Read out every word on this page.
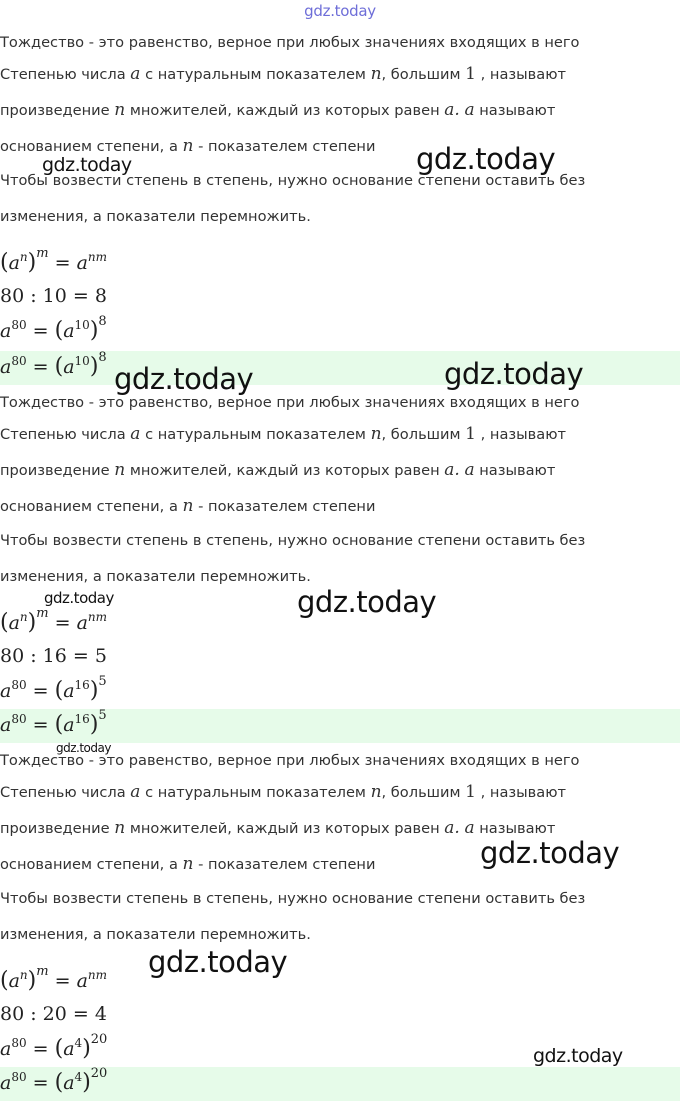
gdz.today
Тождество - это равенство, верное при любых значениях входящих в него
Степенью числа a с натуральным показателем n, большим 1 , называют
произведение n множителей, каждый из которых равен a. a называют
основанием степени, а n - показателем степени
Чтобы возвести степень в степень, нужно основание степени оставить без
изменения, а показатели перемножить.
$(a^n)^m = a^{nm}$
80 : 10 = 8
$a^{80} = (a^{10})^8$
$a^{80} = (a^{10})^8$
Тождество - это равенство, верное при любых значениях входящих в него
Степенью числа a с натуральным показателем n, большим 1 , называют
произведение n множителей, каждый из которых равен a. a называют
основанием степени, а n - показателем степени
Чтобы возвести степень в степень, нужно основание степени оставить без
изменения, а показатели перемножить.
$(a^n)^m = a^{nm}$
80 : 16 = 5
$a^{80} = (a^{16})^5$
$a^{80} = (a^{16})^5$
Тождество - это равенство, верное при любых значениях входящих в него
Степенью числа a с натуральным показателем n, большим 1 , называют
произведение n множителей, каждый из которых равен a. a называют
основанием степени, а n - показателем степени
Чтобы возвести степень в степень, нужно основание степени оставить без
изменения, а показатели перемножить.
$(a^n)^m = a^{nm}$
80 : 20 = 4
$a^{80} = (a^4)^{20}$
$a^{80} = (a^4)^{20}$
gdz.today	gdz.today
gdz.today	gdz.today
gdz.today	gdz.today
gdz.today
gdz.today
gdz.today
gdz.today
